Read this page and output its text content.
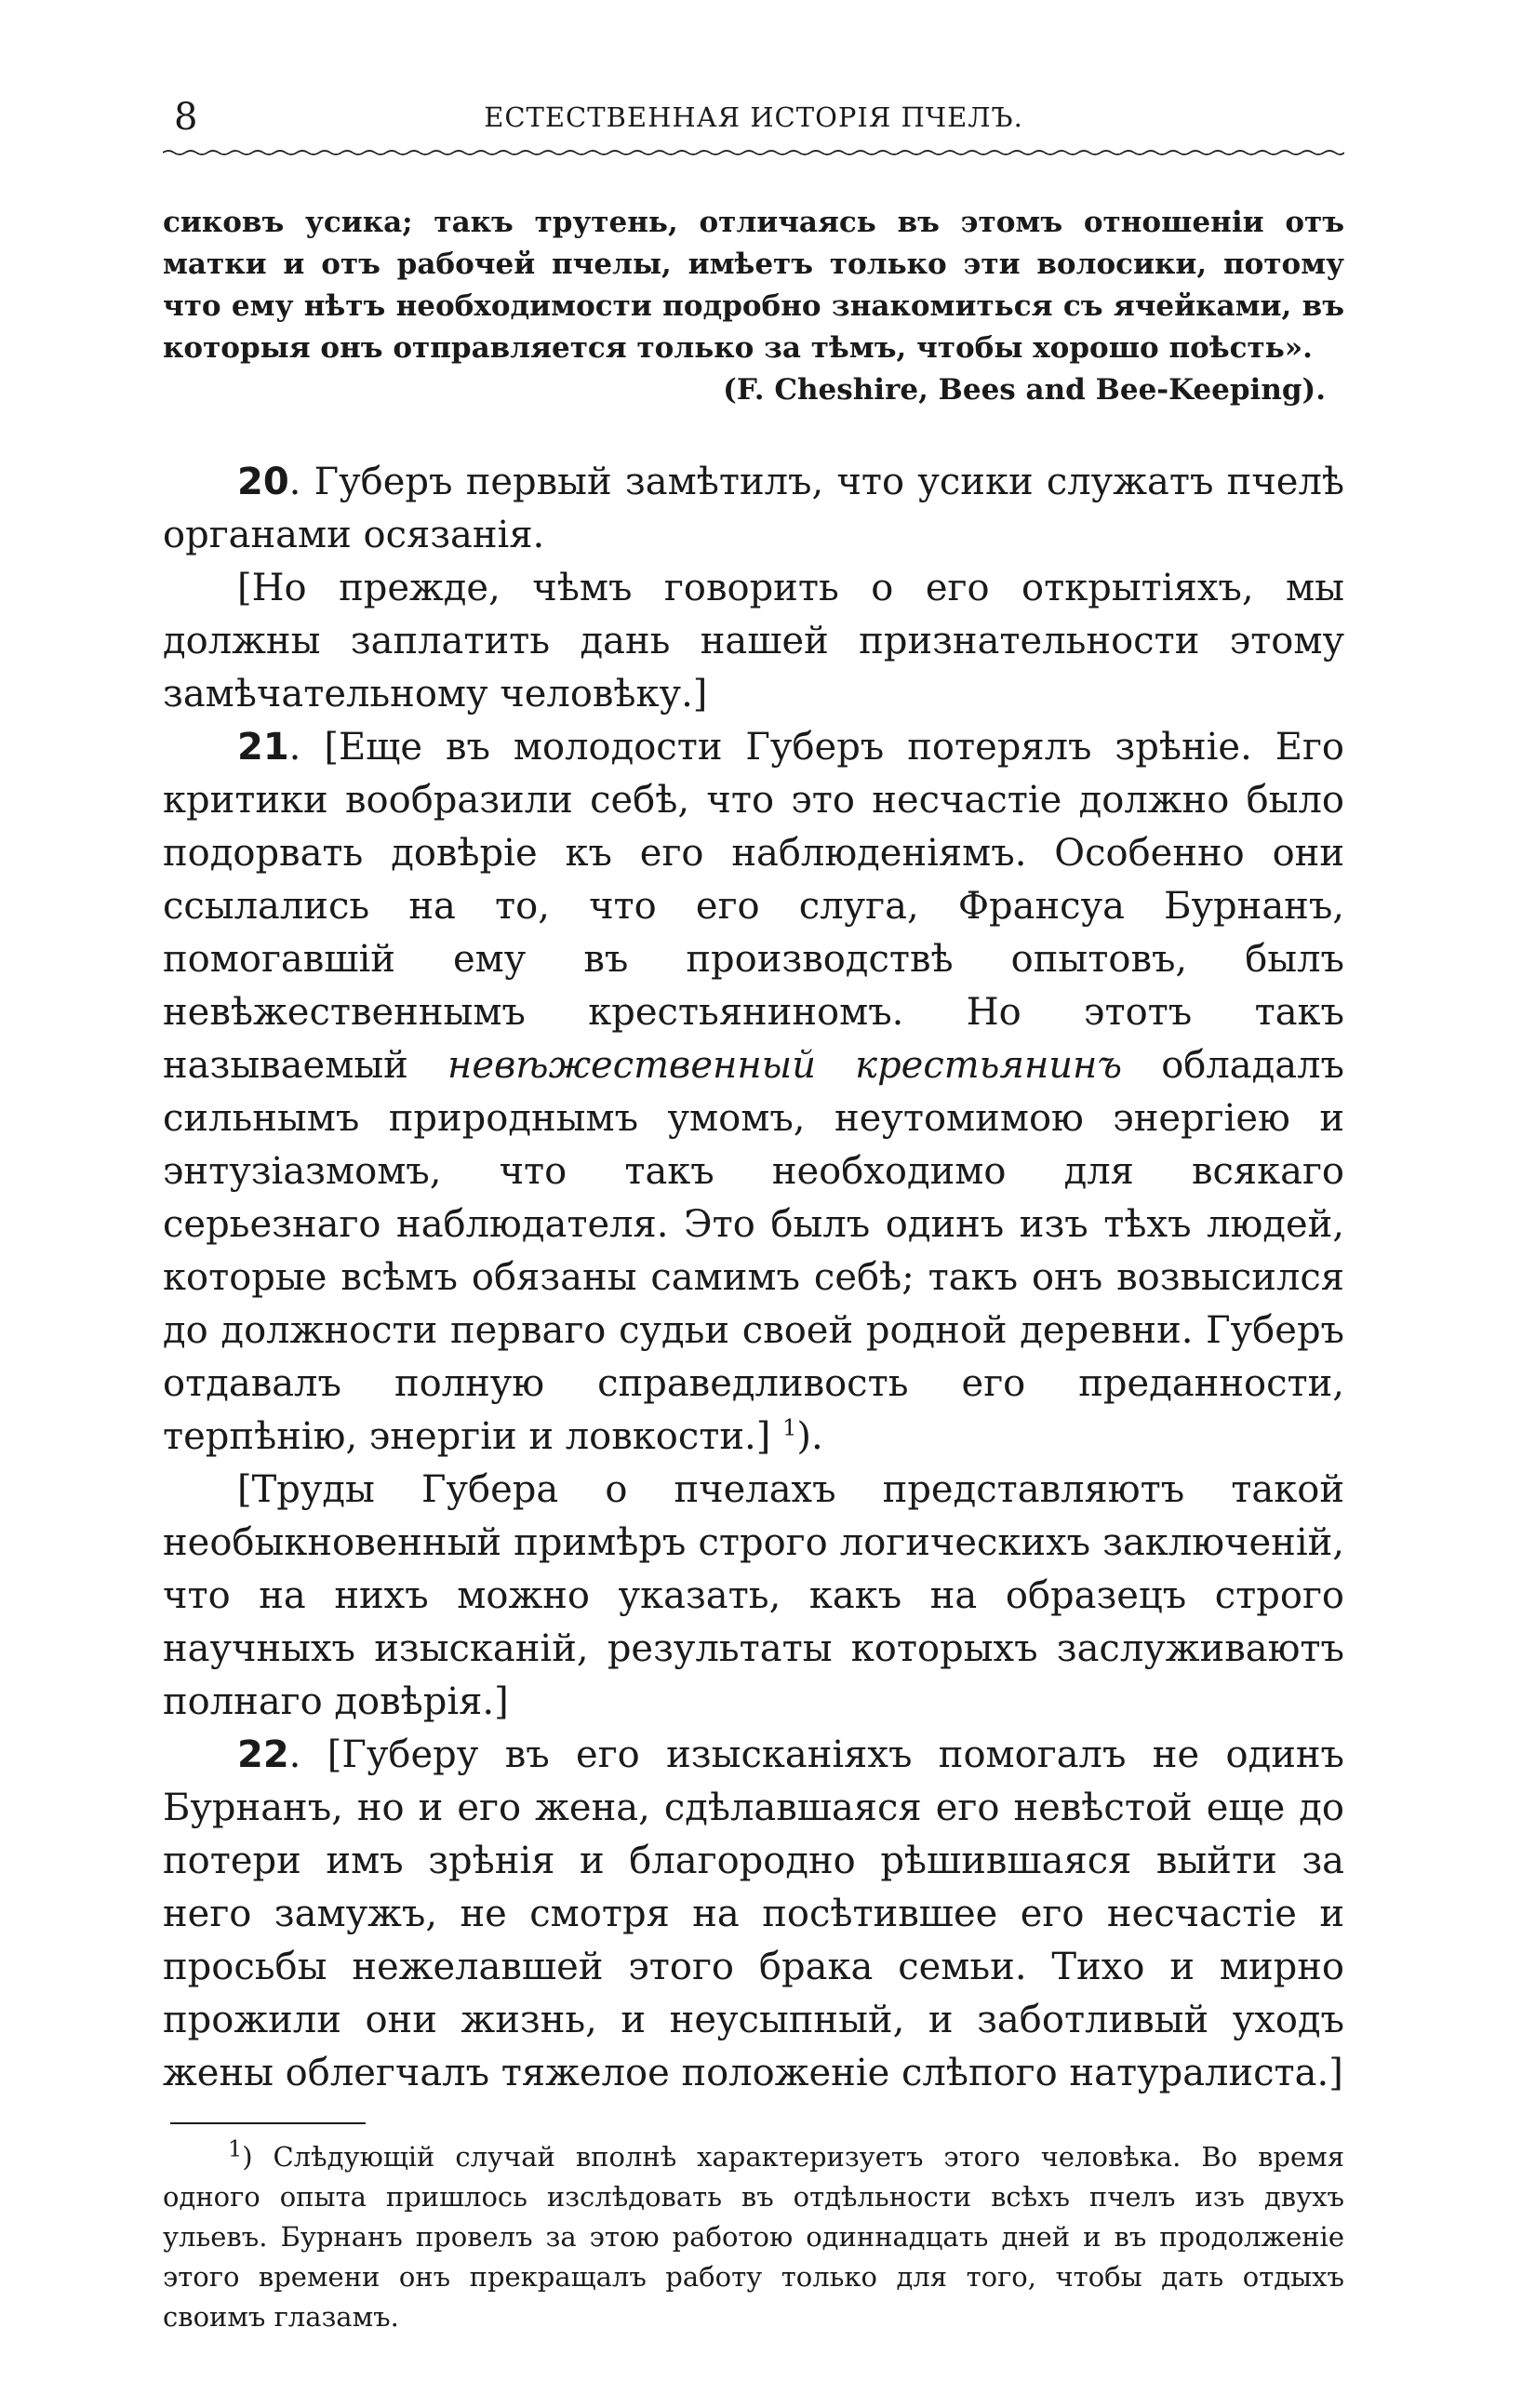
8	ЕСТЕСТВЕННАЯ ИСТОРІЯ ПЧЕЛЪ.
сиковъ усика; такъ трутень, отличаясь въ этомъ отношеніи отъ матки и отъ рабочей пчелы, имѣетъ только эти волосики, потому что ему нѣтъ необходимости подробно знакомиться съ ячейками, въ которыя онъ отправляется только за тѣмъ, чтобы хорошо поѣсть».
(F. Cheshire, Bees and Bee-Keeping).

20. Губеръ первый замѣтилъ, что усики служатъ пчелѣ органами осязанія.

[Но прежде, чѣмъ говорить о его открытіяхъ, мы должны заплатить дань нашей признательности этому замѣчательному человѣку.]

21. [Еще въ молодости Губеръ потерялъ зрѣніе. Его критики вообразили себѣ, что это несчастіе должно было подорвать довѣріе къ его наблюденіямъ. Особенно они ссылались на то, что его слуга, Франсуа Бурнанъ, помогавшій ему въ производствѣ опытовъ, былъ невѣжественнымъ крестьяниномъ. Но этотъ такъ называемый невѣжественный крестьянинъ обладалъ сильнымъ природнымъ умомъ, неутомимою энергіею и энтузіазмомъ, что такъ необходимо для всякаго серьезнаго наблюдателя. Это былъ одинъ изъ тѣхъ людей, которые всѣмъ обязаны самимъ себѣ; такъ онъ возвысился до должности перваго судьи своей родной деревни. Губеръ отдавалъ полную справедливость его преданности, терпѣнію, энергіи и ловкости.] $^1$).

[Труды Губера о пчелахъ представляютъ такой необыкновенный примѣръ строго логическихъ заключеній, что на нихъ можно указать, какъ на образецъ строго научныхъ изысканій, результаты которыхъ заслуживаютъ полнаго довѣрія.]

22. [Губеру въ его изысканіяхъ помогалъ не одинъ Бурнанъ, но и его жена, сдѣлавшаяся его невѣстой еще до потери имъ зрѣнія и благородно рѣшившаяся выйти за него замужъ, не смотря на посѣтившее его несчастіе и просьбы нежелавшей этого брака семьи. Тихо и мирно прожили они жизнь, и неусыпный, и заботливый уходъ жены облегчалъ тяжелое положеніе слѣпого натуралиста.]

$^1$) Слѣдующій случай вполнѣ характеризуетъ этого человѣка. Во время одного опыта пришлось изслѣдовать въ отдѣльности всѣхъ пчелъ изъ двухъ ульевъ. Бурнанъ провелъ за этою работою одиннадцать дней и въ продолженіе этого времени онъ прекращалъ работу только для того, чтобы дать отдыхъ своимъ глазамъ.
